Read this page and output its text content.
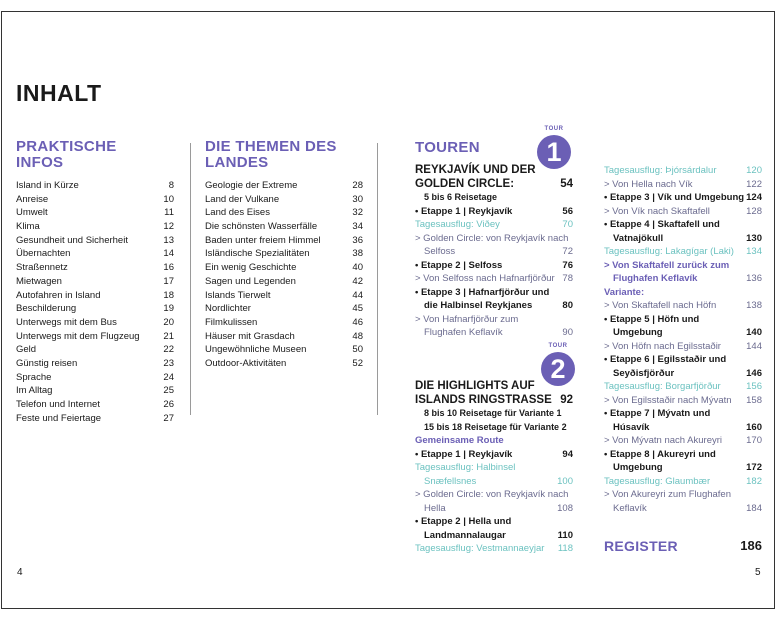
INHALT
PRAKTISCHE
INFOS
Island in Kürze	8
Anreise	10
Umwelt	11
Klima	12
Gesundheit und Sicherheit	13
Übernachten	14
Straßennetz	16
Mietwagen	17
Autofahren in Island	18
Beschilderung	19
Unterwegs mit dem Bus	20
Unterwegs mit dem Flugzeug	21
Geld	22
Günstig reisen	23
Sprache	24
Im Alltag	25
Telefon und Internet	26
Feste und Feiertage	27
DIE THEMEN DES
LANDES
Geologie der Extreme	28
Land der Vulkane	30
Land des Eises	32
Die schönsten Wasserfälle	34
Baden unter freiem Himmel	36
Isländische Spezialitäten	38
Ein wenig Geschichte	40
Sagen und Legenden	42
Islands Tierwelt	44
Nordlichter	45
Filmkulissen	46
Häuser mit Grasdach	48
Ungewöhnliche Museen	50
Outdoor-Aktivitäten	52
TOUREN
TOUR
1
REYKJAVÍK UND DER
GOLDEN CIRCLE:	54
5 bis 6 Reisetage
• Etappe 1 | Reykjavík	56
Tagesausflug: Viðey	70
> Golden Circle: von Reykjavík nach
Selfoss	72
• Etappe 2 | Selfoss	76
> Von Selfoss nach Hafnarfjörður 78
• Etappe 3 | Hafnarfjörður und
die Halbinsel Reykjanes	80
> Von Hafnarfjörður zum
Flughafen Keflavík	90
TOUR
2
DIE HIGHLIGHTS AUF
ISLANDS RINGSTRASSE 92
8 bis 10 Reisetage für Variante 1
15 bis 18 Reisetage für Variante 2
Gemeinsame Route
• Etappe 1 | Reykjavík	94
Tagesausflug: Halbinsel
Snæfellsnes	100
> Golden Circle: von Reykjavík nach
Hella	108
• Etappe 2 | Hella und
Landmannalaugar	110
Tagesausflug: Vestmannaeyjar 118
Tagesausflug: Þjórsárdalur	120
> Von Hella nach Vík	122
• Etappe 3 | Vík und Umgebung 124
> Von Vík nach Skaftafell	128
• Etappe 4 | Skaftafell und
Vatnajökull	130
Tagesausflug: Lakagígar (Laki) 134
> Von Skaftafell zurück zum
Flughafen Keflavík	136
Variante:
> Von Skaftafell nach Höfn	138
• Etappe 5 | Höfn und
Umgebung	140
> Von Höfn nach Egilsstaðir	144
• Etappe 6 | Egilsstaðir und
Seyðisfjörður	146
Tagesausflug: Borgarfjörður	156
> Von Egilsstaðir nach Mývatn 158
• Etappe 7 | Mývatn und
Húsavík	160
> Von Mývatn nach Akureyri	170
• Etappe 8 | Akureyri und
Umgebung	172
Tagesausflug: Glaumbær	182
> Von Akureyri zum Flughafen
Keflavík	184
REGISTER	186
4	5
